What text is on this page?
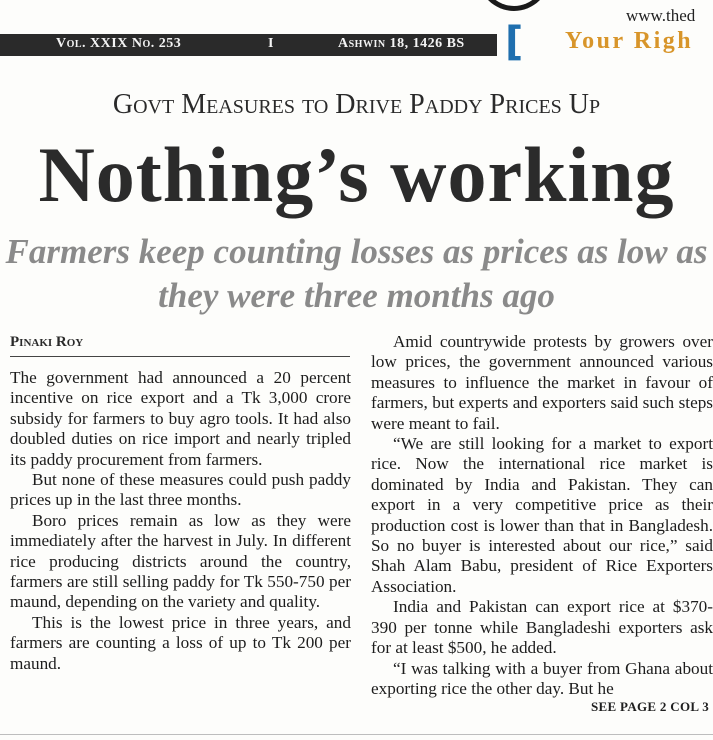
www.thed
Vol. XXIX No. 253	I	Ashwin 18, 1426 BS [ Your Righ
Govt Measures to Drive Paddy Prices Up
Nothing’s working
Farmers keep counting losses as prices as low as they were three months ago
Pinaki Roy

The government had announced a 20 percent incentive on rice export and a Tk 3,000 crore subsidy for farmers to buy agro tools. It had also doubled duties on rice import and nearly tripled its paddy procurement from farmers.

But none of these measures could push paddy prices up in the last three months.

Boro prices remain as low as they were immediately after the harvest in July. In different rice producing districts around the country, farmers are still selling paddy for Tk 550-750 per maund, depending on the variety and quality.

This is the lowest price in three years, and farmers are counting a loss of up to Tk 200 per maund.

Amid countrywide protests by growers over low prices, the government announced various measures to influence the market in favour of farmers, but experts and exporters said such steps were meant to fail.

“We are still looking for a market to export rice. Now the international rice market is dominated by India and Pakistan. They can export in a very competitive price as their production cost is lower than that in Bangladesh. So no buyer is interested about our rice,” said Shah Alam Babu, president of Rice Exporters Association.

India and Pakistan can export rice at $370-390 per tonne while Bangladeshi exporters ask for at least $500, he added.

“I was talking with a buyer from Ghana about exporting rice the other day. But he

SEE PAGE 2 COL 3
